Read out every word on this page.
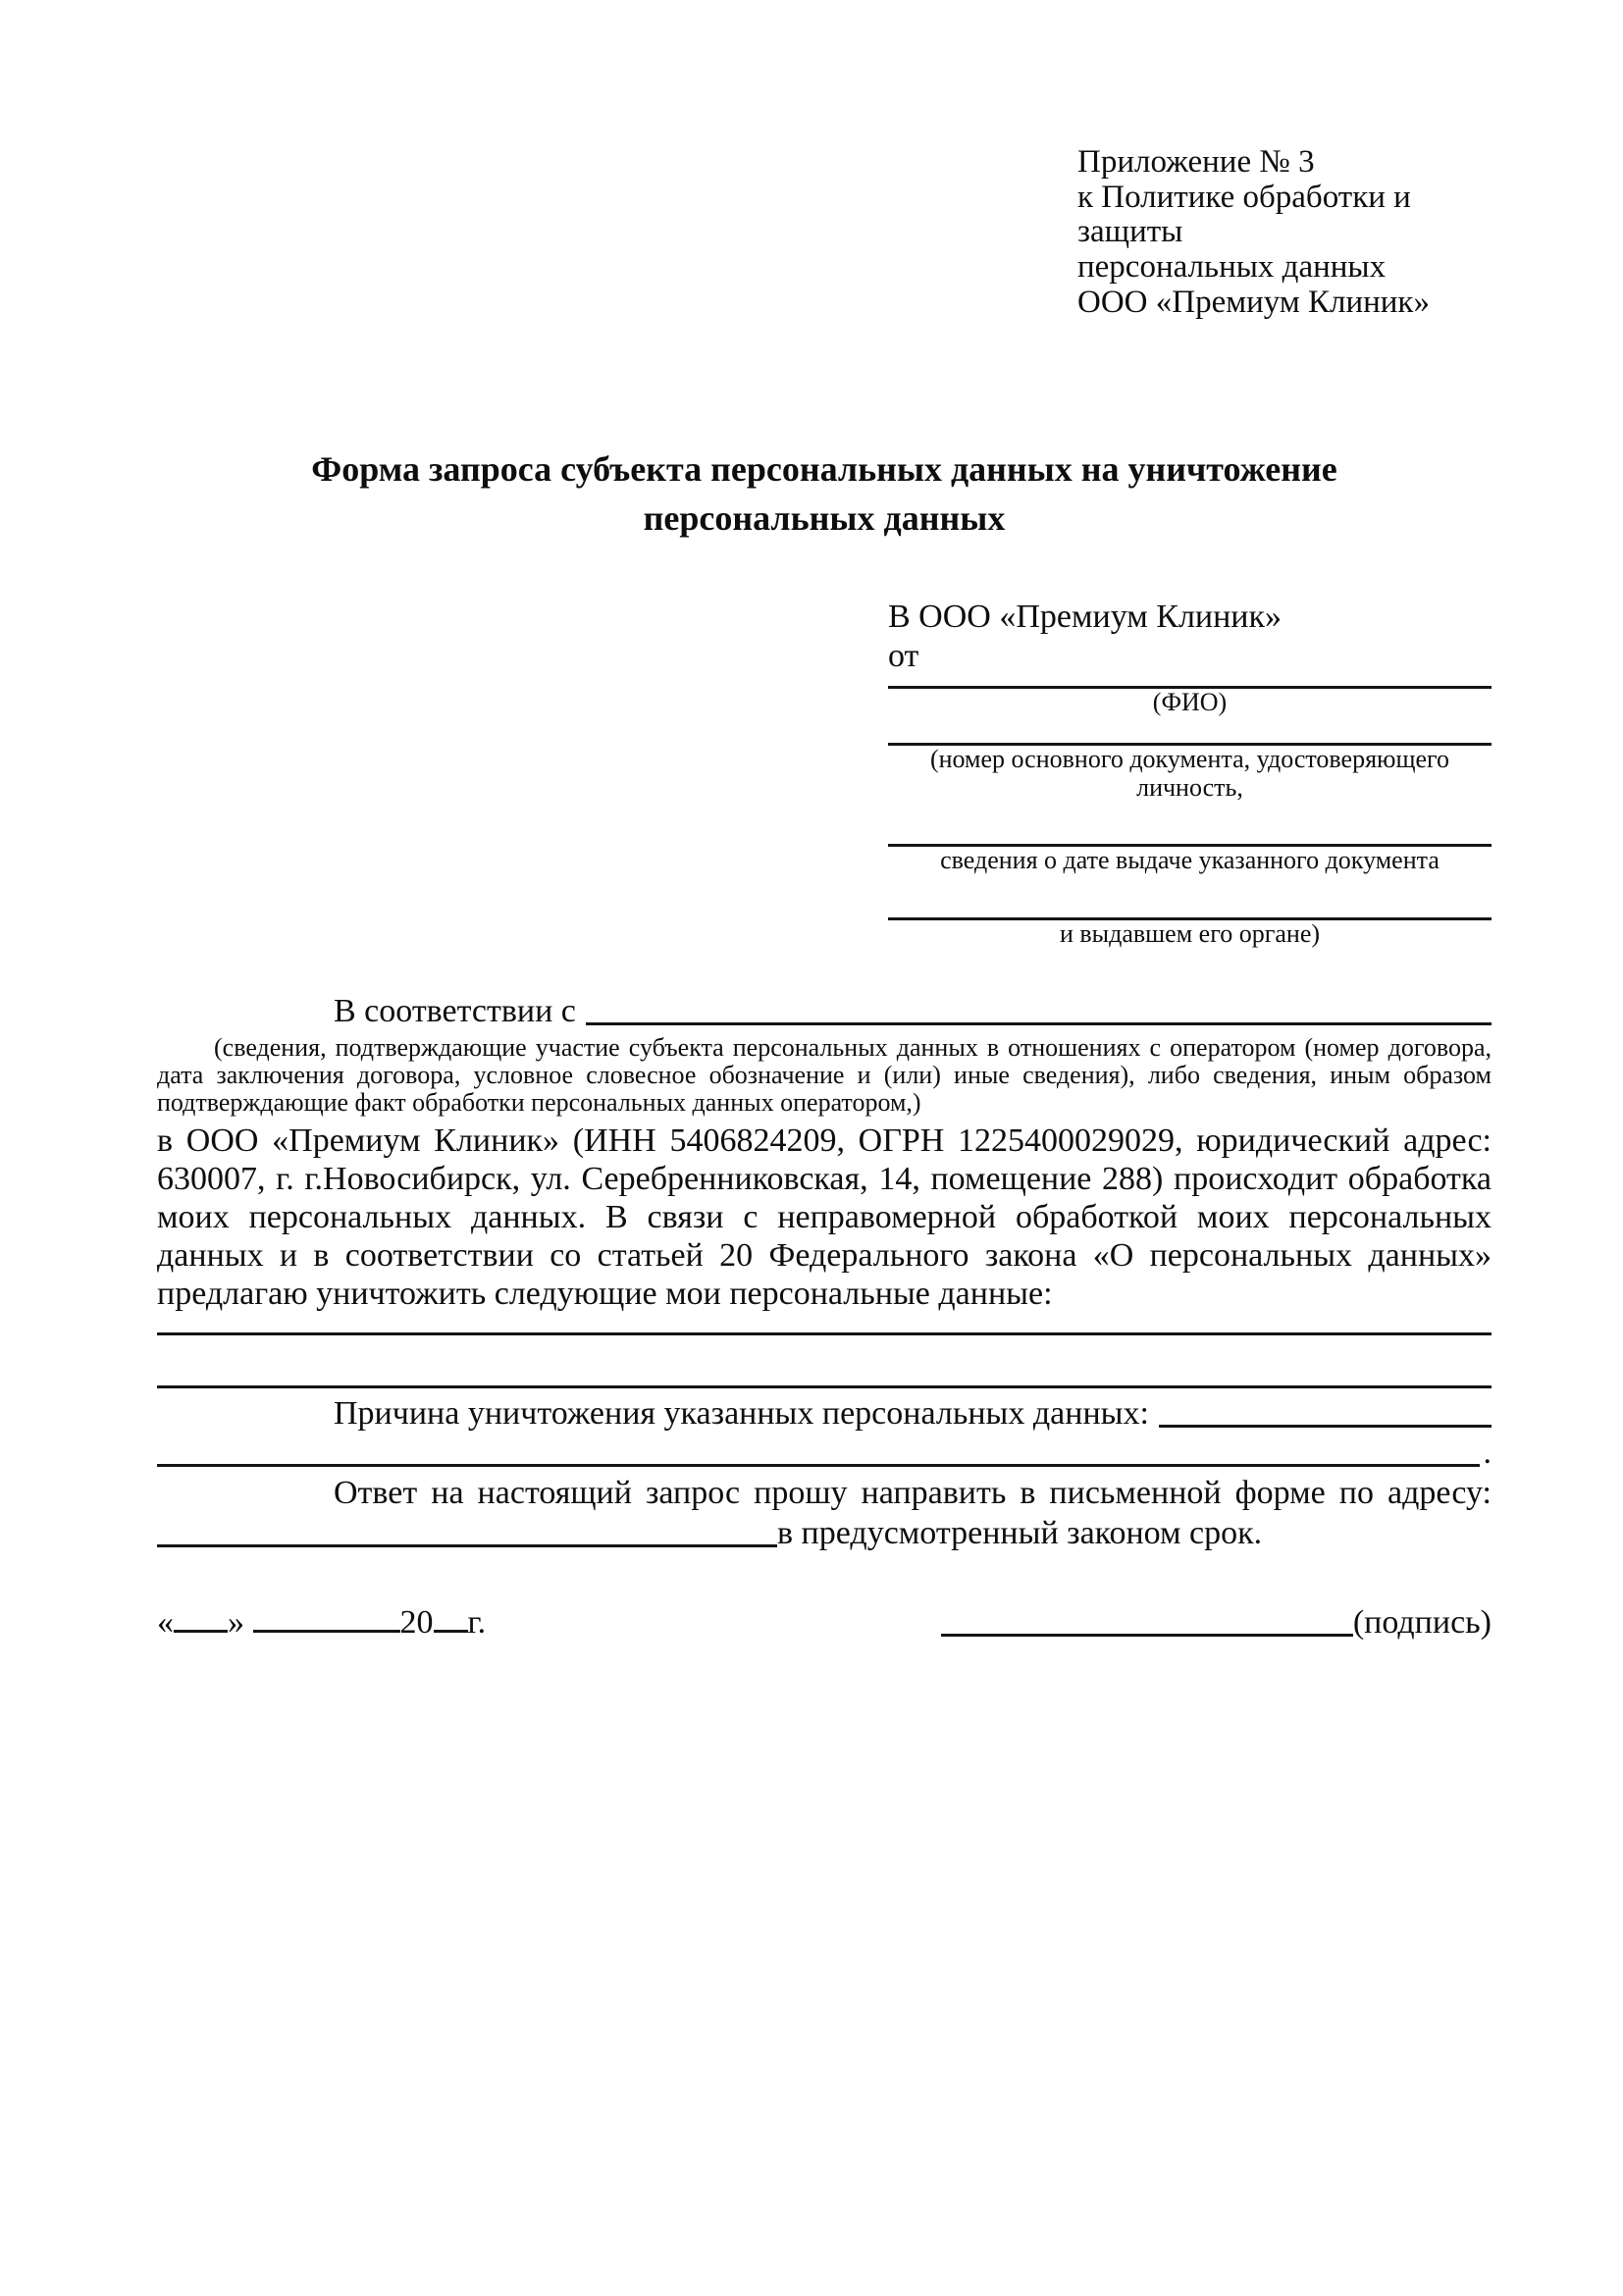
Приложение № 3
к Политике обработки и защиты
персональных данных
ООО «Премиум Клиник»
Форма запроса субъекта персональных данных на уничтожение
персональных данных
В ООО «Премиум Клиник»
от
(ФИО)
(номер основного документа, удостоверяющего личность,
сведения о дате выдаче указанного документа
и выдавшем его органе)
В соответствии с

(сведения, подтверждающие участие субъекта персональных данных в отношениях с оператором (номер договора, дата заключения договора, условное словесное обозначение и (или) иные сведения), либо сведения, иным образом подтверждающие факт обработки персональных данных оператором,)

в ООО «Премиум Клиник» (ИНН 5406824209, ОГРН 1225400029029, юридический адрес: 630007, г. г.Новосибирск, ул. Серебренниковская, 14, помещение 288) происходит обработка моих персональных данных. В связи с неправомерной обработкой моих персональных данных и в соответствии со статьей 20 Федерального закона «О персональных данных» предлагаю уничтожить следующие мои персональные данные:

Причина уничтожения указанных персональных данных:
.

Ответ на настоящий запрос прошу направить в письменной форме по адресу:

в предусмотренный законом срок.
« »	20 г.	(подпись)
